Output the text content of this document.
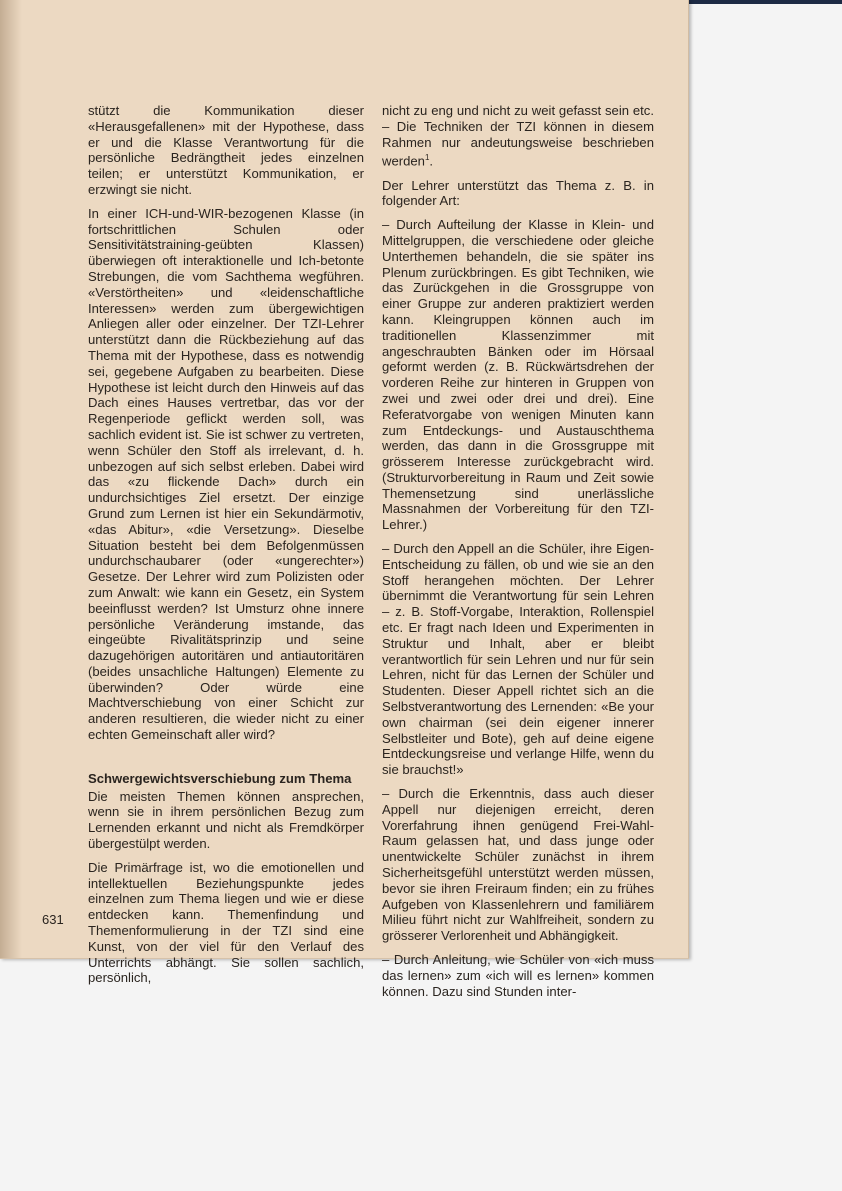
stützt die Kommunikation dieser «Herausgefallenen» mit der Hypothese, dass er und die Klasse Verantwortung für die persönliche Bedrängtheit jedes einzelnen teilen; er unterstützt Kommunikation, er erzwingt sie nicht.

In einer ICH-und-WIR-bezogenen Klasse (in fortschrittlichen Schulen oder Sensitivitätstraining-geübten Klassen) überwiegen oft interaktionelle und Ich-betonte Strebungen, die vom Sachthema wegführen. «Verstörtheiten» und «leidenschaftliche Interessen» werden zum übergewichtigen Anliegen aller oder einzelner. Der TZI-Lehrer unterstützt dann die Rückbeziehung auf das Thema mit der Hypothese, dass es notwendig sei, gegebene Aufgaben zu bearbeiten. Diese Hypothese ist leicht durch den Hinweis auf das Dach eines Hauses vertretbar, das vor der Regenperiode geflickt werden soll, was sachlich evident ist. Sie ist schwer zu vertreten, wenn Schüler den Stoff als irrelevant, d. h. unbezogen auf sich selbst erleben. Dabei wird das «zu flickende Dach» durch ein undurchsichtiges Ziel ersetzt. Der einzige Grund zum Lernen ist hier ein Sekundärmotiv, «das Abitur», «die Versetzung». Dieselbe Situation besteht bei dem Befolgenmüssen undurchschaubarer (oder «ungerechter») Gesetze. Der Lehrer wird zum Polizisten oder zum Anwalt: wie kann ein Gesetz, ein System beeinflusst werden? Ist Umsturz ohne innere persönliche Veränderung imstande, das eingeübte Rivalitätsprinzip und seine dazugehörigen autoritären und antiautoritären (beides unsachliche Haltungen) Elemente zu überwinden? Oder würde eine Machtverschiebung von einer Schicht zur anderen resultieren, die wieder nicht zu einer echten Gemeinschaft aller wird?

Schwergewichtsverschiebung zum Thema

Die meisten Themen können ansprechen, wenn sie in ihrem persönlichen Bezug zum Lernenden erkannt und nicht als Fremdkörper übergestülpt werden.

Die Primärfrage ist, wo die emotionellen und intellektuellen Beziehungspunkte jedes einzelnen zum Thema liegen und wie er diese entdecken kann. Themenfindung und Themenformulierung in der TZI sind eine Kunst, von der viel für den Verlauf des Unterrichts abhängt. Sie sollen sachlich, persönlich,

nicht zu eng und nicht zu weit gefasst sein etc. – Die Techniken der TZI können in diesem Rahmen nur andeutungsweise beschrieben werden$^1$.

Der Lehrer unterstützt das Thema z. B. in folgender Art:

– Durch Aufteilung der Klasse in Klein- und Mittelgruppen, die verschiedene oder gleiche Unterthemen behandeln, die sie später ins Plenum zurückbringen. Es gibt Techniken, wie das Zurückgehen in die Grossgruppe von einer Gruppe zur anderen praktiziert werden kann. Kleingruppen können auch im traditionellen Klassenzimmer mit angeschraubten Bänken oder im Hörsaal geformt werden (z. B. Rückwärtsdrehen der vorderen Reihe zur hinteren in Gruppen von zwei und zwei oder drei und drei). Eine Referatvorgabe von wenigen Minuten kann zum Entdeckungs- und Austauschthema werden, das dann in die Grossgruppe mit grösserem Interesse zurückgebracht wird. (Strukturvorbereitung in Raum und Zeit sowie Themensetzung sind unerlässliche Massnahmen der Vorbereitung für den TZI-Lehrer.)

– Durch den Appell an die Schüler, ihre Eigen-Entscheidung zu fällen, ob und wie sie an den Stoff herangehen möchten. Der Lehrer übernimmt die Verantwortung für sein Lehren – z. B. Stoff-Vorgabe, Interaktion, Rollenspiel etc. Er fragt nach Ideen und Experimenten in Struktur und Inhalt, aber er bleibt verantwortlich für sein Lehren und nur für sein Lehren, nicht für das Lernen der Schüler und Studenten. Dieser Appell richtet sich an die Selbstverantwortung des Lernenden: «Be your own chairman (sei dein eigener innerer Selbstleiter und Bote), geh auf deine eigene Entdeckungsreise und verlange Hilfe, wenn du sie brauchst!»

– Durch die Erkenntnis, dass auch dieser Appell nur diejenigen erreicht, deren Vorerfahrung ihnen genügend Frei-Wahl-Raum gelassen hat, und dass junge oder unentwickelte Schüler zunächst in ihrem Sicherheitsgefühl unterstützt werden müssen, bevor sie ihren Freiraum finden; ein zu frühes Aufgeben von Klassenlehrern und familiärem Milieu führt nicht zur Wahlfreiheit, sondern zu grösserer Verlorenheit und Abhängigkeit.

– Durch Anleitung, wie Schüler von «ich muss das lernen» zum «ich will es lernen» kommen können. Dazu sind Stunden inter-

631
